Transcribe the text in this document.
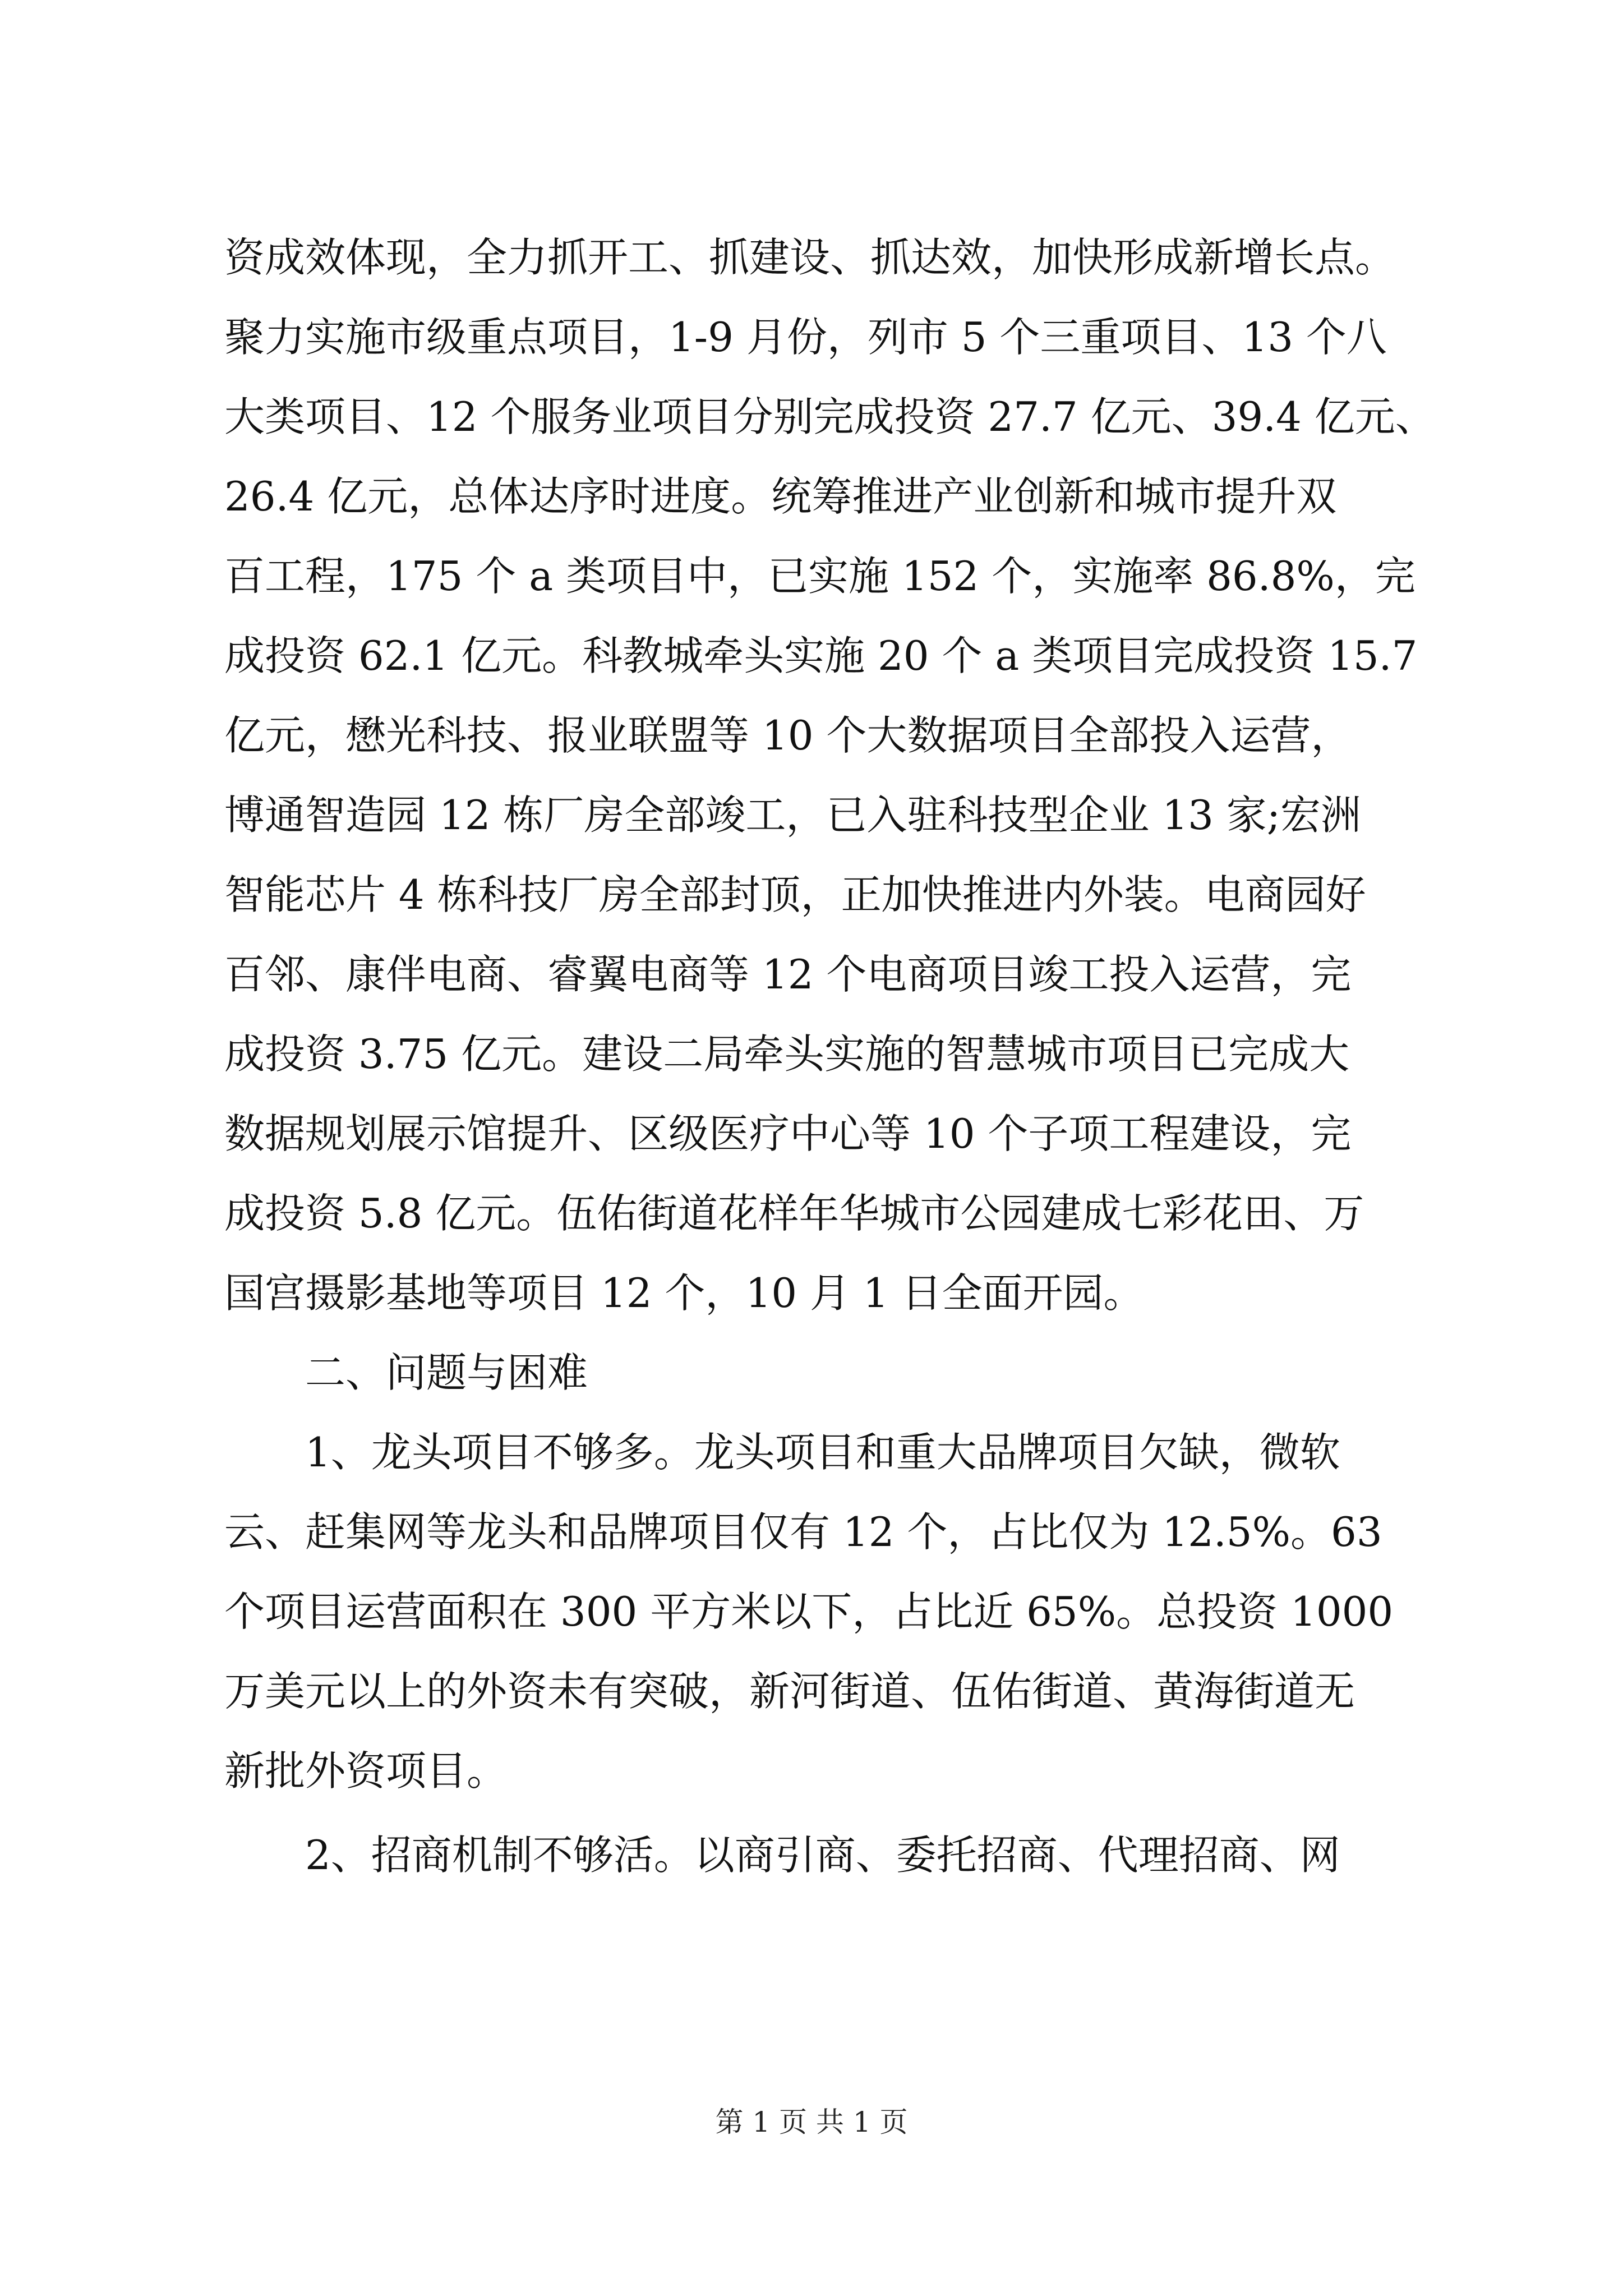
资成效体现，全力抓开工、抓建设、抓达效，加快形成新增长点。
聚力实施市级重点项目，1-9 月份，列市 5 个三重项目、13 个八
大类项目、12 个服务业项目分别完成投资 27.7 亿元、39.4 亿元、
26.4 亿元，总体达序时进度。统筹推进产业创新和城市提升双
百工程，175 个 a 类项目中，已实施 152 个，实施率 86.8%，完
成投资 62.1 亿元。科教城牵头实施 20 个 a 类项目完成投资 15.7
亿元，懋光科技、报业联盟等 10 个大数据项目全部投入运营，
博通智造园 12 栋厂房全部竣工，已入驻科技型企业 13 家;宏洲
智能芯片 4 栋科技厂房全部封顶，正加快推进内外装。电商园好
百邻、康伴电商、睿翼电商等 12 个电商项目竣工投入运营，完
成投资 3.75 亿元。建设二局牵头实施的智慧城市项目已完成大
数据规划展示馆提升、区级医疗中心等 10 个子项工程建设，完
成投资 5.8 亿元。伍佑街道花样年华城市公园建成七彩花田、万
国宫摄影基地等项目 12 个，10 月 1 日全面开园。
二、问题与困难
1、龙头项目不够多。龙头项目和重大品牌项目欠缺，微软
云、赶集网等龙头和品牌项目仅有 12 个，占比仅为 12.5%。63
个项目运营面积在 300 平方米以下，占比近 65%。总投资 1000
万美元以上的外资未有突破，新河街道、伍佑街道、黄海街道无
新批外资项目。
2、招商机制不够活。以商引商、委托招商、代理招商、网
第 1 页 共 1 页
